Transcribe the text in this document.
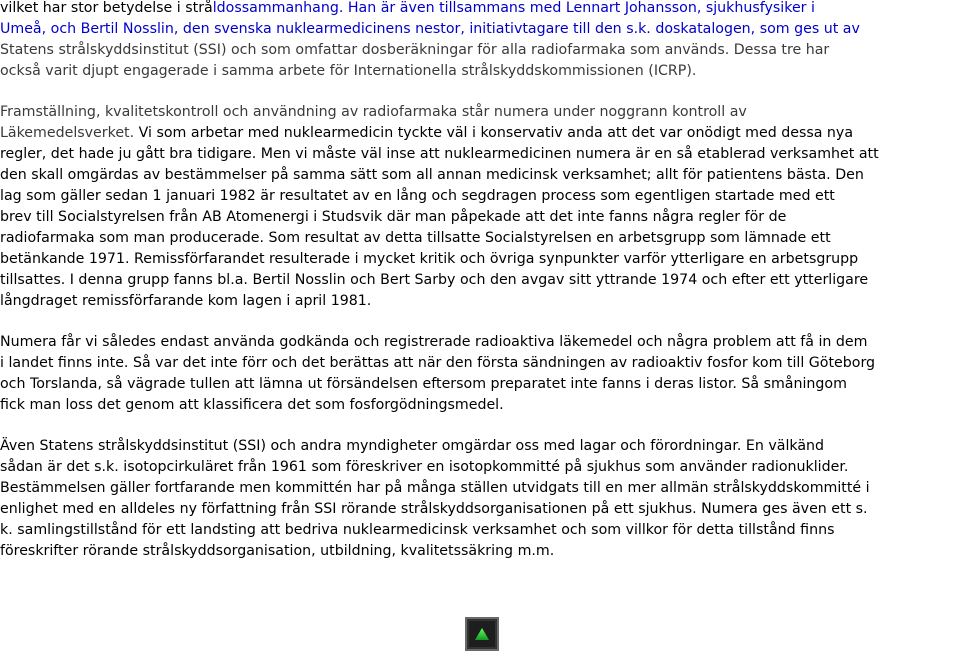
vilket har stor betydelse i stråldossammanhang. Han är även tillsammans med Lennart Johansson, sjukhusfysiker i
Umeå, och Bertil Nosslin, den svenska nuklearmedicinens nestor, initiativtagare till den s.k. doskatalogen, som ges ut av
Statens strålskyddsinstitut (SSI) och som omfattar dosberäkningar för alla radiofarmaka som används. Dessa tre har
också varit djupt engagerade i samma arbete för Internationella strålskyddskommissionen (ICRP).

Framställning, kvalitetskontroll och användning av radiofarmaka står numera under noggrann kontroll av
Läkemedelsverket. Vi som arbetar med nuklearmedicin tyckte väl i konservativ anda att det var onödigt med dessa nya
regler, det hade ju gått bra tidigare. Men vi måste väl inse att nuklearmedicinen numera är en så etablerad verksamhet att
den skall omgärdas av bestämmelser på samma sätt som all annan medicinsk verksamhet; allt för patientens bästa. Den
lag som gäller sedan 1 januari 1982 är resultatet av en lång och segdragen process som egentligen startade med ett
brev till Socialstyrelsen från AB Atomenergi i Studsvik där man påpekade att det inte fanns några regler för de
radiofarmaka som man producerade. Som resultat av detta tillsatte Socialstyrelsen en arbetsgrupp som lämnade ett
betänkande 1971. Remissförfarandet resulterade i mycket kritik och övriga synpunkter varför ytterligare en arbetsgrupp
tillsattes. I denna grupp fanns bl.a. Bertil Nosslin och Bert Sarby och den avgav sitt yttrande 1974 och efter ett ytterligare
långdraget remissförfarande kom lagen i april 1981.

Numera får vi således endast använda godkända och registrerade radioaktiva läkemedel och några problem att få in dem
i landet finns inte. Så var det inte förr och det berättas att när den första sändningen av radioaktiv fosfor kom till Göteborg
och Torslanda, så vägrade tullen att lämna ut försändelsen eftersom preparatet inte fanns i deras listor. Så småningom
fick man loss det genom att klassificera det som fosforgödningsmedel.

Även Statens strålskyddsinstitut (SSI) och andra myndigheter omgärdar oss med lagar och förordningar. En välkänd
sådan är det s.k. isotopcirkuläret från 1961 som föreskriver en isotopkommitté på sjukhus som använder radionuklider.
Bestämmelsen gäller fortfarande men kommittén har på många ställen utvidgats till en mer allmän strålskyddskommitté i
enlighet med en alldeles ny författning från SSI rörande strålskyddsorganisationen på ett sjukhus. Numera ges även ett s.
k. samlingstillstånd för ett landsting att bedriva nuklearmedicinsk verksamhet och som villkor för detta tillstånd finns
föreskrifter rörande strålskyddsorganisation, utbildning, kvalitetssäkring m.m.
